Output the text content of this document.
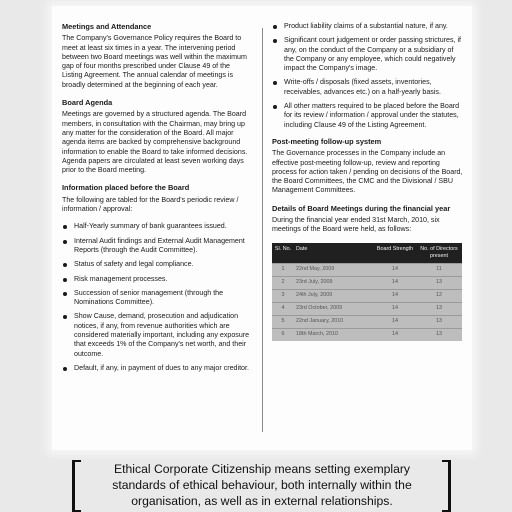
Meetings and Attendance

The Company's Governance Policy requires the Board to meet at least six times in a year. The intervening period between two Board meetings was well within the maximum gap of four months prescribed under Clause 49 of the Listing Agreement. The annual calendar of meetings is broadly determined at the beginning of each year.

Board Agenda

Meetings are governed by a structured agenda. The Board members, in consultation with the Chairman, may bring up any matter for the consideration of the Board. All major agenda items are backed by comprehensive background information to enable the Board to take informed decisions. Agenda papers are circulated at least seven working days prior to the Board meeting.

Information placed before the Board

The following are tabled for the Board's periodic review / information / approval:

Half-Yearly summary of bank guarantees issued.
Internal Audit findings and External Audit Management Reports (through the Audit Committee).
Status of safety and legal compliance.
Risk management processes.
Succession of senior management (through the Nominations Committee).
Show Cause, demand, prosecution and adjudication notices, if any, from revenue authorities which are considered materially important, including any exposure that exceeds 1% of the Company's net worth, and their outcome.
Default, if any, in payment of dues to any major creditor.
Product liability claims of a substantial nature, if any.
Significant court judgement or order passing strictures, if any, on the conduct of the Company or a subsidiary of the Company or any employee, which could negatively impact the Company's image.
Write-offs / disposals (fixed assets, inventories, receivables, advances etc.) on a half-yearly basis.
All other matters required to be placed before the Board for its review / information / approval under the statutes, including Clause 49 of the Listing Agreement.
Post-meeting follow-up system

The Governance processes in the Company include an effective post-meeting follow-up, review and reporting process for action taken / pending on decisions of the Board, the Board Committees, the CMC and the Divisional / SBU Management Committees.

Details of Board Meetings during the financial year

During the financial year ended 31st March, 2010, six meetings of the Board were held, as follows:

Sl. No.	Date	Board Strength	No. of Directors present
1	22nd May, 2009	14	11
2	23rd July, 2009	14	13
3	24th July, 2009	14	12
4	23rd October, 2009	14	13
5	22nd January, 2010	14	13
6	18th March, 2010	14	13

Ethical Corporate Citizenship means setting exemplary

standards of ethical behaviour, both internally within the

organisation, as well as in external relationships.
